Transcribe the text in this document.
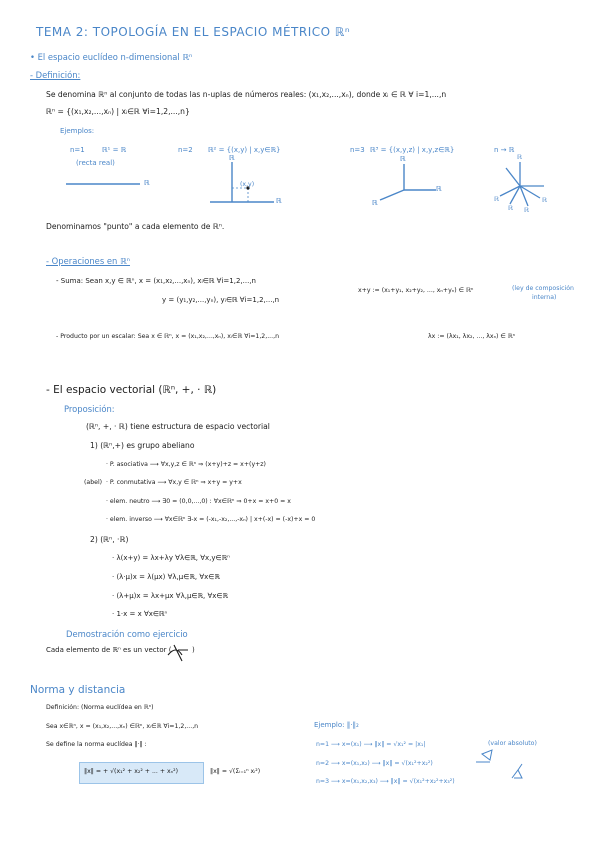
TEMA 2: TOPOLOGÍA EN EL ESPACIO MÉTRICO ℝⁿ
• El espacio euclídeo n-dimensional ℝⁿ
- Definición:
Se denomina ℝⁿ al conjunto de todas las n-uplas de números reales: (x₁,x₂,...,xₙ), donde xᵢ ∈ ℝ ∀ i=1,...,n
ℝⁿ = {(x₁,x₂,...,xₙ) | xᵢ∈ℝ ∀i=1,2,...,n}
Ejemplos:
n=1 ℝ¹ = ℝ
(recta real)
n=2 ℝ² = {(x,y) | x,y∈ℝ}	n=3 ℝ³ = {(x,y,z) | x,y,z∈ℝ}	n → ℝ
ℝ
ℝ
ℝ
(x,y)
ℝ
ℝ
ℝ
ℝ
ℝ
ℝ ℝ
ℝ
Denominamos "punto" a cada elemento de ℝⁿ.
- Operaciones en ℝⁿ
- Suma: Sean x,y ∈ ℝⁿ, x = (x₁,x₂,...,xₙ), xᵢ∈ℝ ∀i=1,2,...,n
y = (y₁,y₂,...,yₙ), yᵢ∈ℝ ∀i=1,2,...,n
x+y := (x₁+y₁, x₂+y₂, ..., xₙ+yₙ) ∈ ℝⁿ	(ley de composición
interna)
- Producto por un escalar: Sea x ∈ ℝⁿ, x = (x₁,x₂,...,xₙ), xᵢ∈ℝ ∀i=1,2,...,n	λx := (λx₁, λx₂, ..., λxₙ) ∈ ℝⁿ
- El espacio vectorial (ℝⁿ, +, · ℝ)
Proposición:
(ℝⁿ, +, · ℝ) tiene estructura de espacio vectorial
1) (ℝⁿ,+) es grupo abeliano
(abel)
· P. asociativa ⟶ ∀x,y,z ∈ ℝⁿ ⇒ (x+y)+z = x+(y+z)
· P. conmutativa ⟶ ∀x,y ∈ ℝⁿ ⇒ x+y = y+x
· elem. neutro ⟶ ∃0 = (0,0,...,0) : ∀x∈ℝⁿ ⇒ 0+x = x+0 = x
· elem. inverso ⟶ ∀x∈ℝⁿ ∃-x = (-x₁,-x₂,...,-xₙ) | x+(-x) = (-x)+x = 0
2) (ℝⁿ, ·ℝ)
· λ(x+y) = λx+λy ∀λ∈ℝ, ∀x,y∈ℝⁿ
· (λ·μ)x = λ(μx) ∀λ,μ∈ℝ, ∀x∈ℝ
· (λ+μ)x = λx+μx ∀λ,μ∈ℝ, ∀x∈ℝ
· 1·x = x ∀x∈ℝⁿ
Demostración como ejercicio
Cada elemento de ℝⁿ es un vector (	)
Norma y distancia
Definición: (Norma euclídea en ℝⁿ)
Sea x∈ℝⁿ, x = (x₁,x₂,...,xₙ) ∈ℝⁿ, xᵢ∈ℝ ∀i=1,2,...,n
Se define la norma euclídea ‖·‖ :
‖x‖ = + √(x₁² + x₂² + ... + xₙ²)	‖x‖ = √(Σᵢ₌₁ⁿ xᵢ²)
Ejemplo: ‖·‖₂
n=1 ⟶ x=(x₁) ⟶ ‖x‖ = √x₁² = |x₁|	(valor absoluto)
n=2 ⟶ x=(x₁,x₂) ⟶ ‖x‖ = √(x₁²+x₂²)
n=3 ⟶ x=(x₁,x₂,x₃) ⟶ ‖x‖ = √(x₁²+x₂²+x₃²)
